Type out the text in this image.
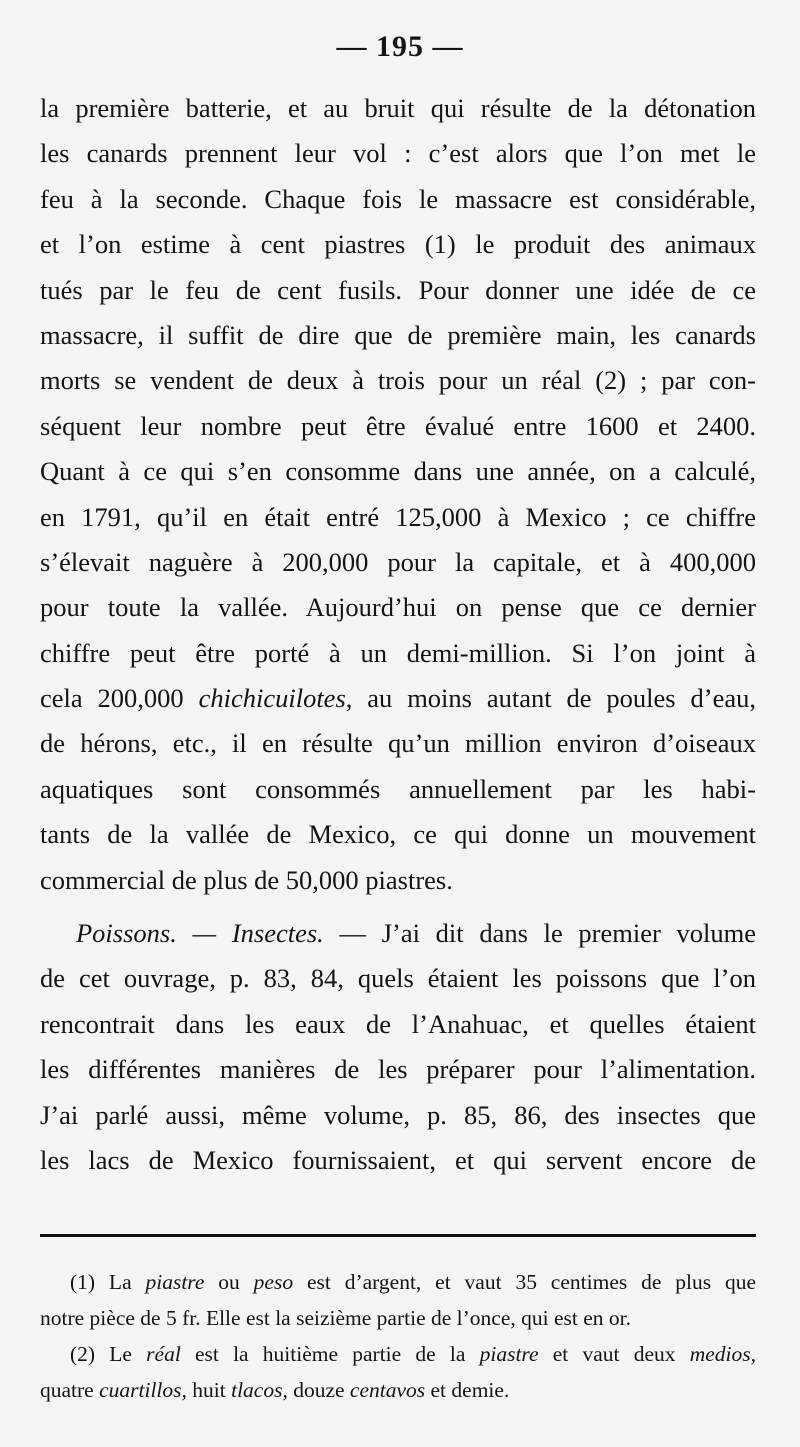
— 195 —
la première batterie, et au bruit qui résulte de la détonation
les canards prennent leur vol : c’est alors que l’on met le
feu à la seconde. Chaque fois le massacre est considérable,
et l’on estime à cent piastres (1) le produit des animaux
tués par le feu de cent fusils. Pour donner une idée de ce
massacre, il suffit de dire que de première main, les canards
morts se vendent de deux à trois pour un réal (2) ; par con-
séquent leur nombre peut être évalué entre 1600 et 2400.
Quant à ce qui s’en consomme dans une année, on a calculé,
en 1791, qu’il en était entré 125,000 à Mexico ; ce chiffre
s’élevait naguère à 200,000 pour la capitale, et à 400,000
pour toute la vallée. Aujourd’hui on pense que ce dernier
chiffre peut être porté à un demi-million. Si l’on joint à
cela 200,000 chichicuilotes, au moins autant de poules d’eau,
de hérons, etc., il en résulte qu’un million environ d’oiseaux
aquatiques sont consommés annuellement par les habi-
tants de la vallée de Mexico, ce qui donne un mouvement
commercial de plus de 50,000 piastres.
Poissons. — Insectes. — J’ai dit dans le premier volume
de cet ouvrage, p. 83, 84, quels étaient les poissons que l’on
rencontrait dans les eaux de l’Anahuac, et quelles étaient
les différentes manières de les préparer pour l’alimentation.
J’ai parlé aussi, même volume, p. 85, 86, des insectes que
les lacs de Mexico fournissaient, et qui servent encore de
(1) La piastre ou peso est d’argent, et vaut 35 centimes de plus que
notre pièce de 5 fr. Elle est la seizième partie de l’once, qui est en or.
(2) Le réal est la huitième partie de la piastre et vaut deux medios,
quatre cuartillos, huit tlacos, douze centavos et demie.
